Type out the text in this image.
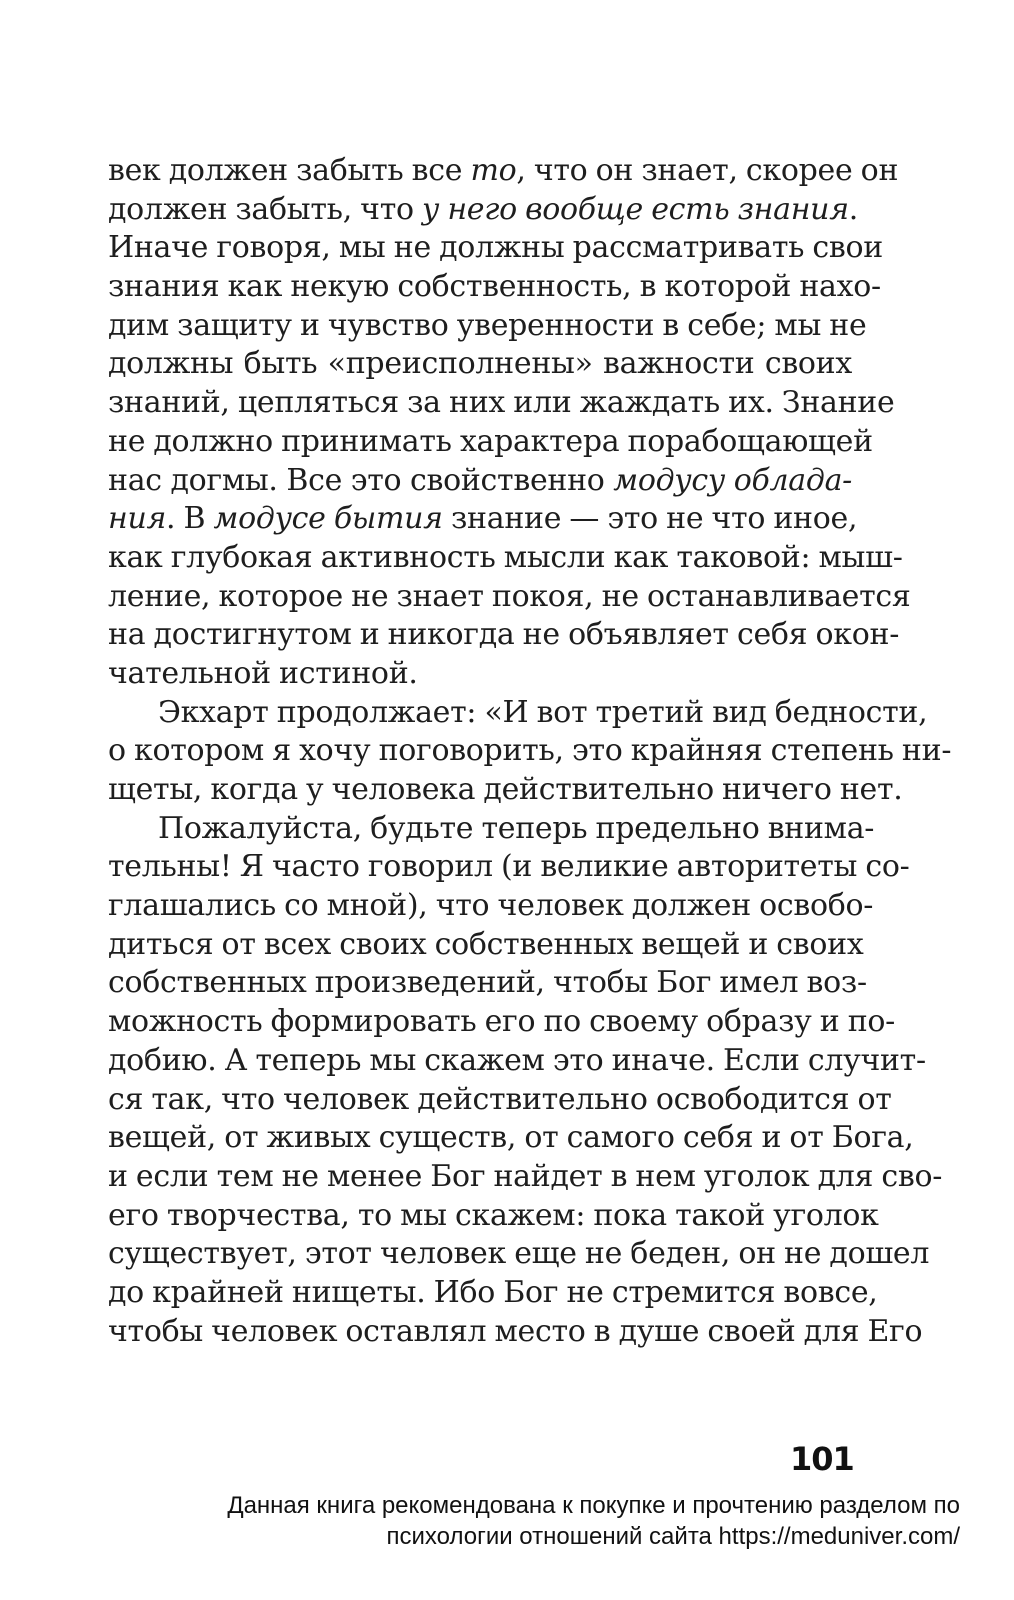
век должен забыть все то, что он знает, скорее он
должен забыть, что у него вообще есть знания.
Иначе говоря, мы не должны рассматривать свои
знания как некую собственность, в которой нахо-
дим защиту и чувство уверенности в себе; мы не
должны быть «преисполнены» важности своих
знаний, цепляться за них или жаждать их. Знание
не должно принимать характера порабощающей
нас догмы. Все это свойственно модусу облада-
ния. В модусе бытия знание — это не что иное,
как глубокая активность мысли как таковой: мыш-
ление, которое не знает покоя, не останавливается
на достигнутом и никогда не объявляет себя окон-
чательной истиной.
Экхарт продолжает: «И вот третий вид бедности,
о котором я хочу поговорить, это крайняя степень ни-
щеты, когда у человека действительно ничего нет.
Пожалуйста, будьте теперь предельно внима-
тельны! Я часто говорил (и великие авторитеты со-
глашались со мной), что человек должен освобо-
диться от всех своих собственных вещей и своих
собственных произведений, чтобы Бог имел воз-
можность формировать его по своему образу и по-
добию. А теперь мы скажем это иначе. Если случит-
ся так, что человек действительно освободится от
вещей, от живых существ, от самого себя и от Бога,
и если тем не менее Бог найдет в нем уголок для сво-
его творчества, то мы скажем: пока такой уголок
существует, этот человек еще не беден, он не дошел
до крайней нищеты. Ибо Бог не стремится вовсе,
чтобы человек оставлял место в душе своей для Его
101
Данная книга рекомендована к покупке и прочтению разделом по
психологии отношений сайта https://meduniver.com/
